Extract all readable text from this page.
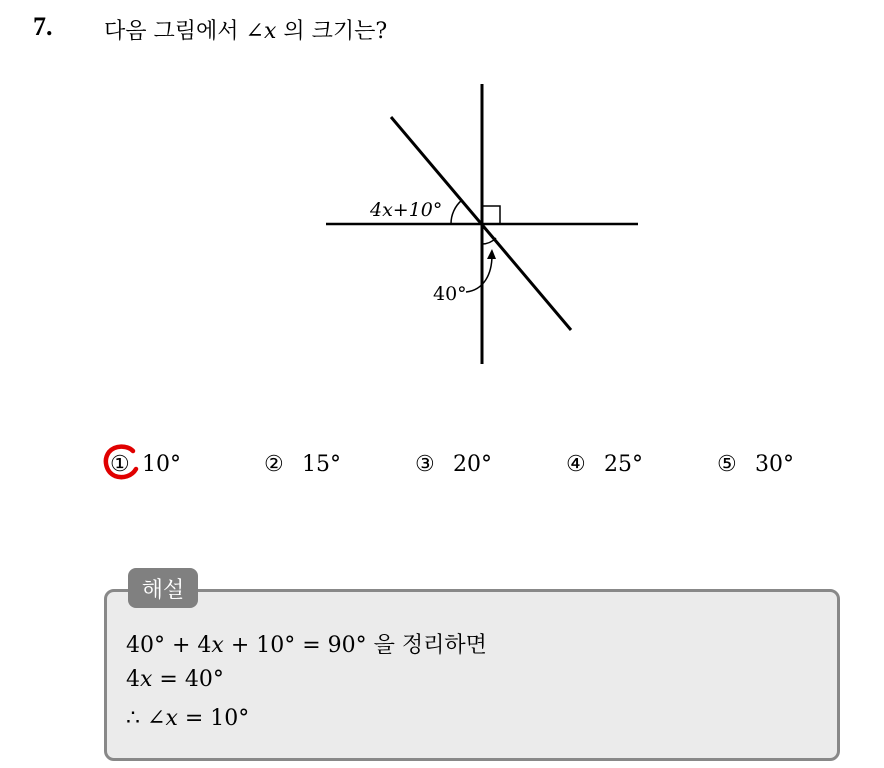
7. 다음 그림에서 ∠x 의 크기는?
4x+10°
40°
① 10°	② 15°	③ 20°	④ 25°	⑤ 30°
해설
40° + 4x + 10° = 90° 을 정리하면
4x = 40°
∴ ∠x = 10°
